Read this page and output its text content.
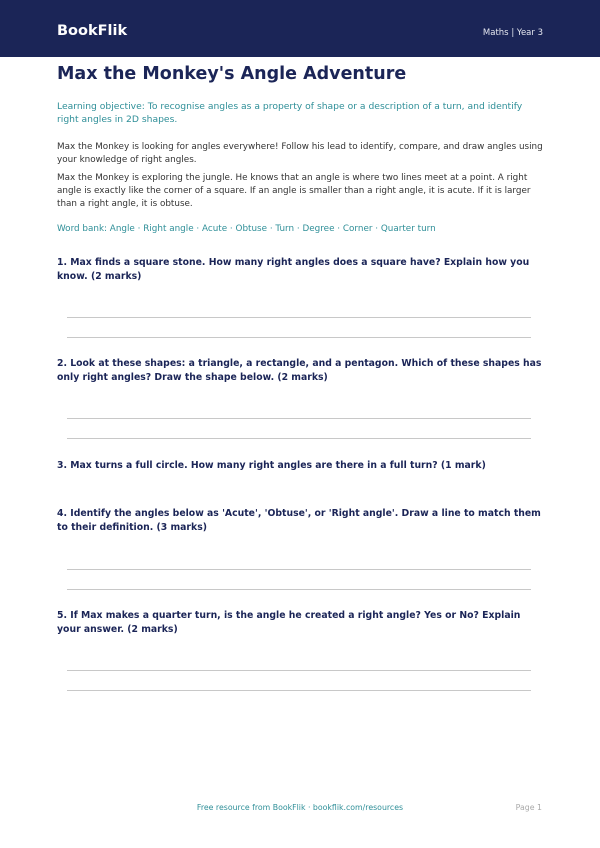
BookFlik	Maths | Year 3
Max the Monkey's Angle Adventure
Learning objective: To recognise angles as a property of shape or a description of a turn, and identify right angles in 2D shapes.
Max the Monkey is looking for angles everywhere! Follow his lead to identify, compare, and draw angles using your knowledge of right angles.
Max the Monkey is exploring the jungle. He knows that an angle is where two lines meet at a point. A right angle is exactly like the corner of a square. If an angle is smaller than a right angle, it is acute. If it is larger than a right angle, it is obtuse.
Word bank: Angle · Right angle · Acute · Obtuse · Turn · Degree · Corner · Quarter turn
1. Max finds a square stone. How many right angles does a square have? Explain how you know. (2 marks)
2. Look at these shapes: a triangle, a rectangle, and a pentagon. Which of these shapes has only right angles? Draw the shape below. (2 marks)
3. Max turns a full circle. How many right angles are there in a full turn? (1 mark)
4. Identify the angles below as 'Acute', 'Obtuse', or 'Right angle'. Draw a line to match them to their definition. (3 marks)
5. If Max makes a quarter turn, is the angle he created a right angle? Yes or No? Explain your answer. (2 marks)
Free resource from BookFlik · bookflik.com/resources	Page 1
